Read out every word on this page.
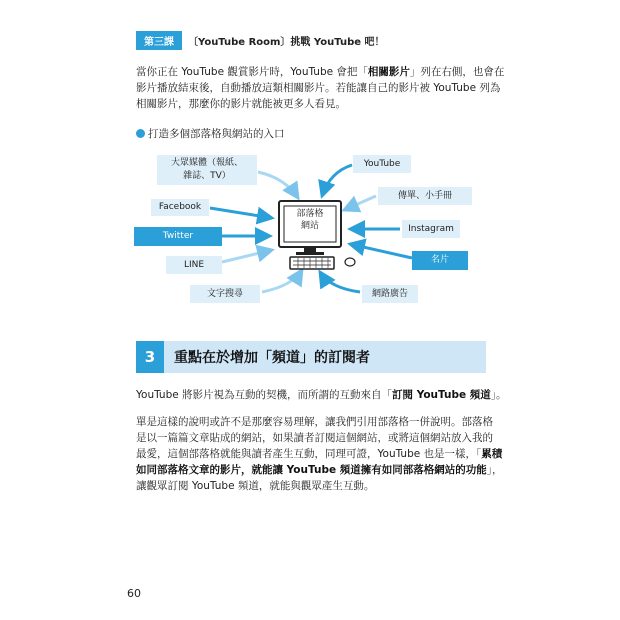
第三課	〔YouTube Room〕挑戰 YouTube 吧！
當你正在 YouTube 觀賞影片時，YouTube 會把「相關影片」列在右側，也會在
影片播放結束後，自動播放這類相關影片。若能讓自己的影片被 YouTube 列為
相關影片，那麼你的影片就能被更多人看見。
打造多個部落格與網站的入口
部落格
網站
大眾媒體（報紙、
雜誌、TV）
YouTube
傳單、小手冊
Facebook
Instagram
Twitter
名片
LINE
文字搜尋	網路廣告
3	重點在於增加「頻道」的訂閱者
YouTube 將影片視為互動的契機，而所謂的互動來自「訂閱 YouTube 頻道」。
單是這樣的說明或許不是那麼容易理解，讓我們引用部落格一併說明。部落格
是以一篇篇文章貼成的網站，如果讀者訂閱這個網站，或將這個網站放入我的
最愛，這個部落格就能與讀者產生互動，同理可證，YouTube 也是一樣，「累積
如同部落格文章的影片，就能讓 YouTube 頻道擁有如同部落格網站的功能」，
讓觀眾訂閱 YouTube 頻道，就能與觀眾產生互動。
60
